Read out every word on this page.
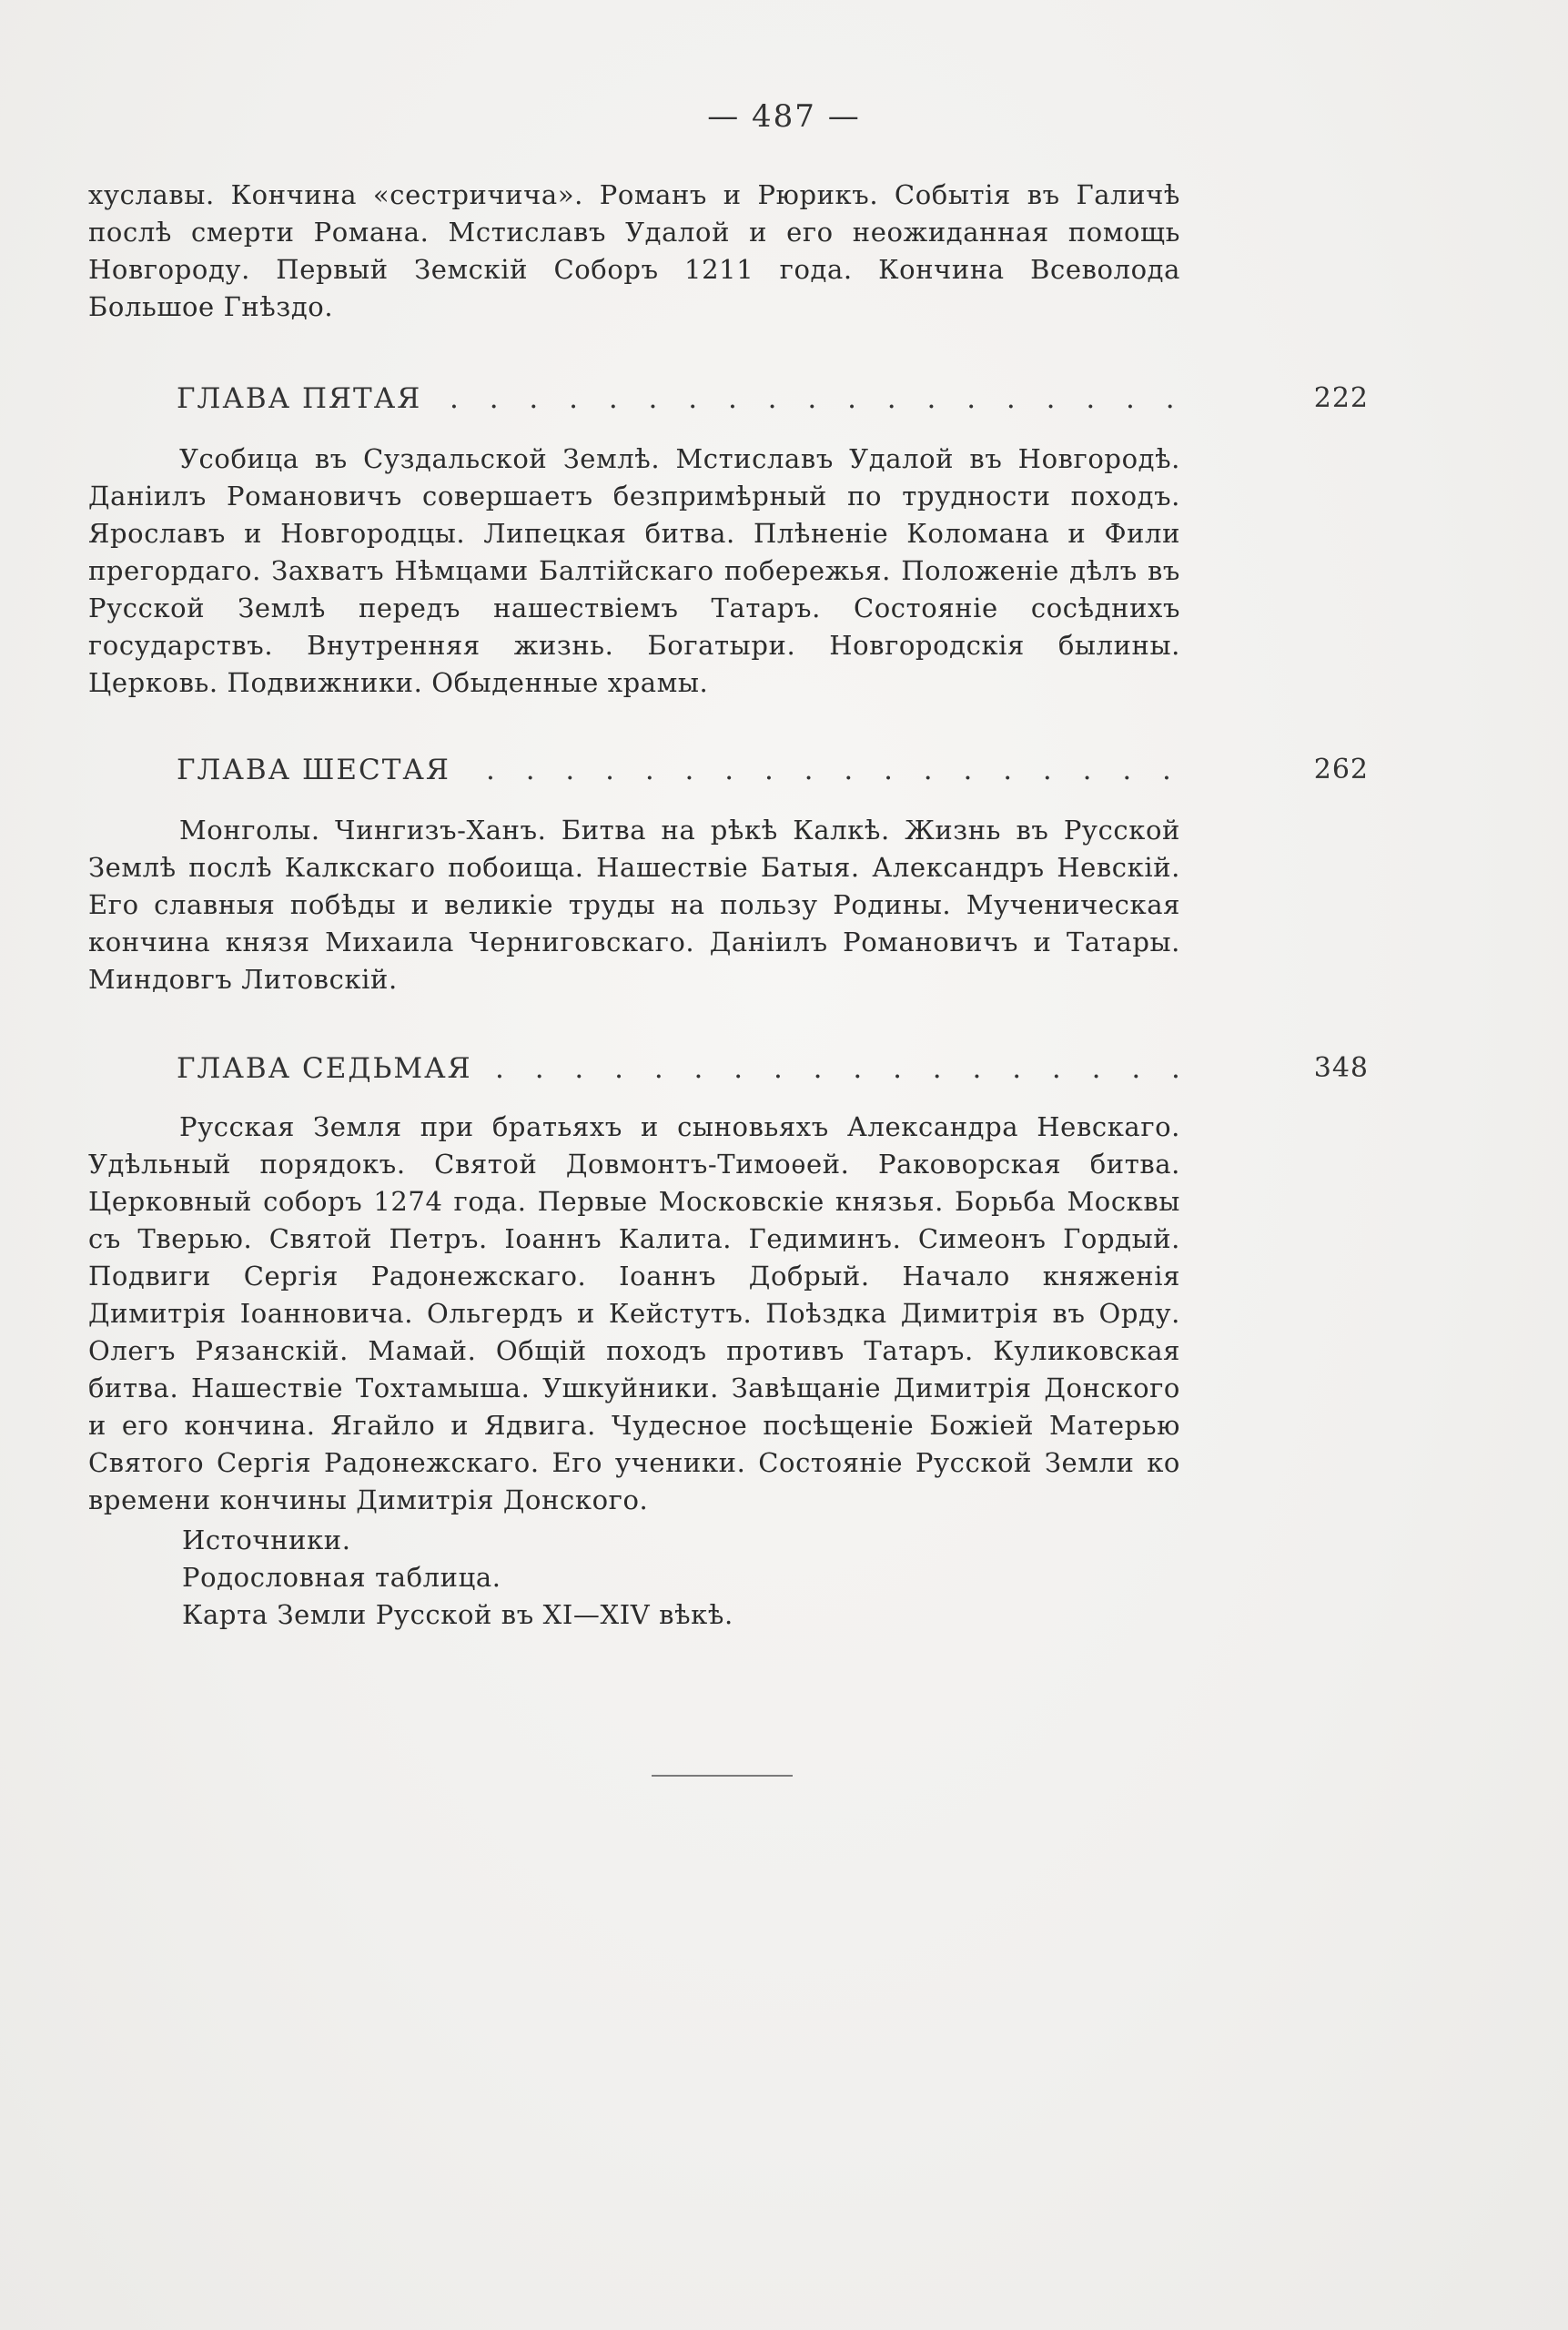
— 487 —
хуславы. Кончина «сестричича». Романъ и Рюрикъ. Событія въ Галичѣ послѣ смерти Романа. Мстиславъ Удалой и его неожиданная помощь Новгороду. Первый Земскій Соборъ 1211 года. Кончина Всеволода Большое Гнѣздо.
ГЛАВА ПЯТАЯ . . . . . . . . . . . . . . . . . . .	222
Усобица въ Суздальской Землѣ. Мстиславъ Удалой въ Новгородѣ. Даніилъ Романовичъ совершаетъ безпримѣрный по трудности походъ. Ярославъ и Новгородцы. Липецкая битва. Плѣненіе Коломана и Фили прегордаго. Захватъ Нѣмцами Балтійскаго побережья. Положеніе дѣлъ въ Русской Землѣ передъ нашествіемъ Татаръ. Состояніе сосѣднихъ государствъ. Внутренняя жизнь. Богатыри. Новгородскія былины. Церковь. Подвижники. Обыденные храмы.
ГЛАВА ШЕСТАЯ . . . . . . . . . . . . . . . . . .	262
Монголы. Чингизъ-Ханъ. Битва на рѣкѣ Калкѣ. Жизнь въ Русской Землѣ послѣ Калкскаго побоища. Нашествіе Батыя. Александръ Невскій. Его славныя побѣды и великіе труды на пользу Родины. Мученическая кончина князя Михаила Черниговскаго. Даніилъ Романовичъ и Татары. Миндовгъ Литовскій.
ГЛАВА СЕДЬМАЯ . . . . . . . . . . . . . . . . . .	348
Русская Земля при братьяхъ и сыновьяхъ Александра Невскаго. Удѣльный порядокъ. Святой Довмонтъ-Тимоѳей. Раковорская битва. Церковный соборъ 1274 года. Первые Московскіе князья. Борьба Москвы съ Тверью. Святой Петръ. Іоаннъ Калита. Гедиминъ. Симеонъ Гордый. Подвиги Сергія Радонежскаго. Іоаннъ Добрый. Начало княженія Димитрія Іоанновича. Ольгердъ и Кейстутъ. Поѣздка Димитрія въ Орду. Олегъ Рязанскій. Мамай. Общій походъ противъ Татаръ. Куликовская битва. Нашествіе Тохтамыша. Ушкуйники. Завѣщаніе Димитрія Донского и его кончина. Ягайло и Ядвига. Чудесное посѣщеніе Божіей Матерью Святого Сергія Радонежскаго. Его ученики. Состояніе Русской Земли ко времени кончины Димитрія Донского.
Источники.
Родословная таблица.
Карта Земли Русской въ XI—XIV вѣкѣ.
